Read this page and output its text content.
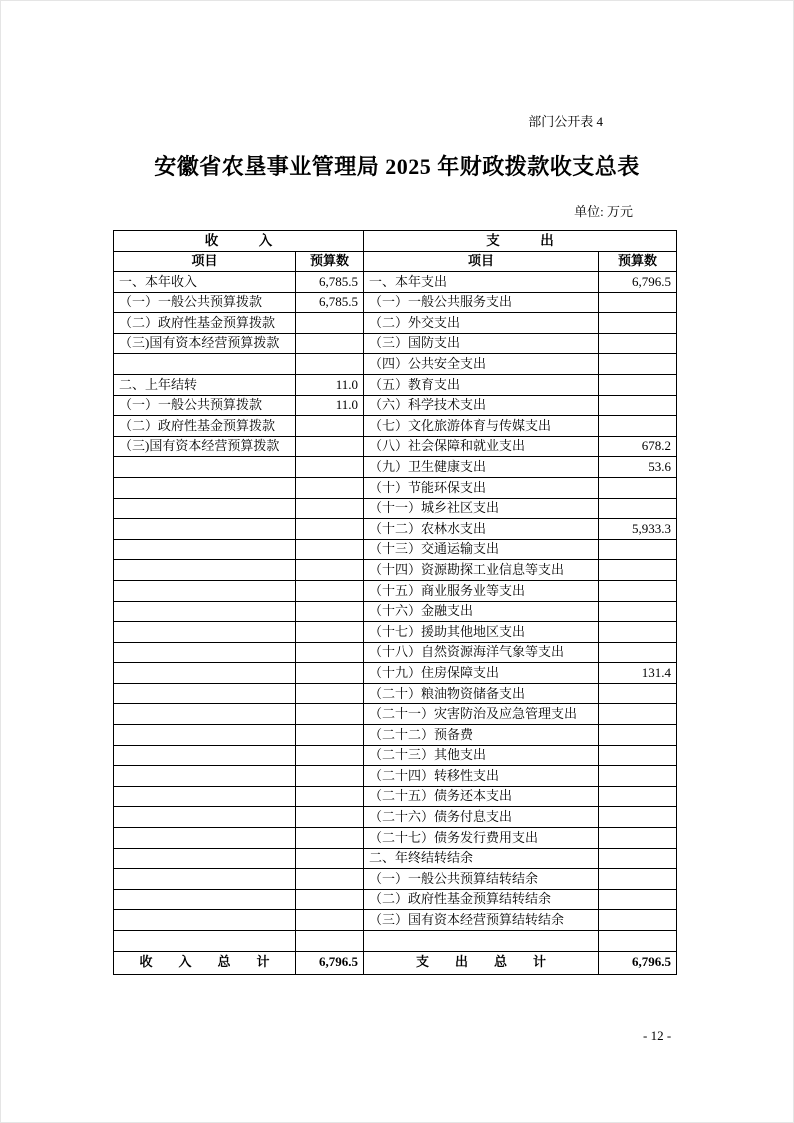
部门公开表 4
安徽省农垦事业管理局 2025 年财政拨款收支总表
单位: 万元
收　　　入		支　　　出	
项目	预算数	项目	预算数
一、本年收入	6,785.5	一、本年支出	6,796.5
（一）一般公共预算拨款	6,785.5	（一）一般公共服务支出	
（二）政府性基金预算拨款		（二）外交支出	
（三)国有资本经营预算拨款		（三）国防支出	
		（四）公共安全支出	
二、上年结转	11.0	（五）教育支出	
（一）一般公共预算拨款	11.0	（六）科学技术支出	
（二）政府性基金预算拨款		（七）文化旅游体育与传媒支出	
（三)国有资本经营预算拨款		（八）社会保障和就业支出	678.2
		（九）卫生健康支出	53.6
		（十）节能环保支出	
		（十一）城乡社区支出	
		（十二）农林水支出	5,933.3
		（十三）交通运输支出	
		（十四）资源勘探工业信息等支出	
		（十五）商业服务业等支出	
		（十六）金融支出	
		（十七）援助其他地区支出	
		（十八）自然资源海洋气象等支出	
		（十九）住房保障支出	131.4
		（二十）粮油物资储备支出	
		（二十一）灾害防治及应急管理支出	
		（二十二）预备费	
		（二十三）其他支出	
		（二十四）转移性支出	
		（二十五）债务还本支出	
		（二十六）债务付息支出	
		（二十七）债务发行费用支出	
		二、年终结转结余	
		（一）一般公共预算结转结余	
		（二）政府性基金预算结转结余	
		（三）国有资本经营预算结转结余	

收　　入　　总　　计	6,796.5	支　　出　　总　　计	6,796.5
- 12 -
